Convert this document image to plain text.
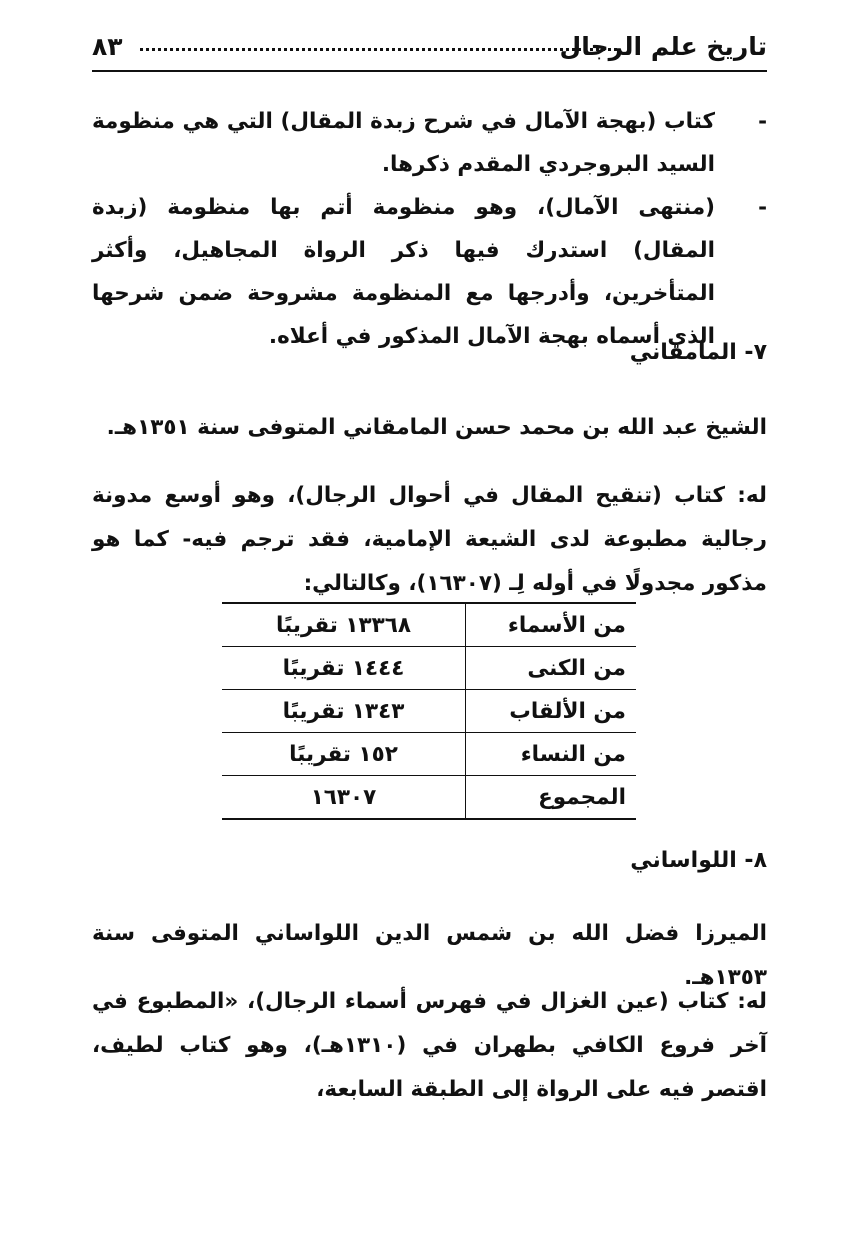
تاريخ علم الرجال
٨٣
-
كتاب (بهجة الآمال في شرح زبدة المقال) التي هي منظومة السيد البروجردي المقدم ذكرها.
-
(منتهى الآمال)، وهو منظومة أتم بها منظومة (زبدة المقال) استدرك فيها ذكر الرواة المجاهيل، وأكثر المتأخرين، وأدرجها مع المنظومة مشروحة ضمن شرحها الذي أسماه بهجة الآمال المذكور في أعلاه.
٧- المامقاني

الشيخ عبد الله بن محمد حسن المامقاني المتوفى سنة ١٣٥١هـ.

له: كتاب (تنقيح المقال في أحوال الرجال)، وهو أوسع مدونة رجالية مطبوعة لدى الشيعة الإمامية، فقد ترجم فيه- كما هو مذكور مجدولًا في أوله لِـ (١٦٣٠٧)، وكالتالي:

من الأسماء	١٣٣٦٨ تقريبًا
من الكنى	١٤٤٤ تقريبًا
من الألقاب	١٣٤٣ تقريبًا
من النساء	١٥٢ تقريبًا
المجموع	١٦٣٠٧
٨- اللواساني

الميرزا فضل الله بن شمس الدين اللواساني المتوفى سنة ١٣٥٣هـ.

له: كتاب (عين الغزال في فهرس أسماء الرجال)، «المطبوع في آخر فروع الكافي بطهران في (١٣١٠هـ)، وهو كتاب لطيف، اقتصر فيه على الرواة إلى الطبقة السابعة،
